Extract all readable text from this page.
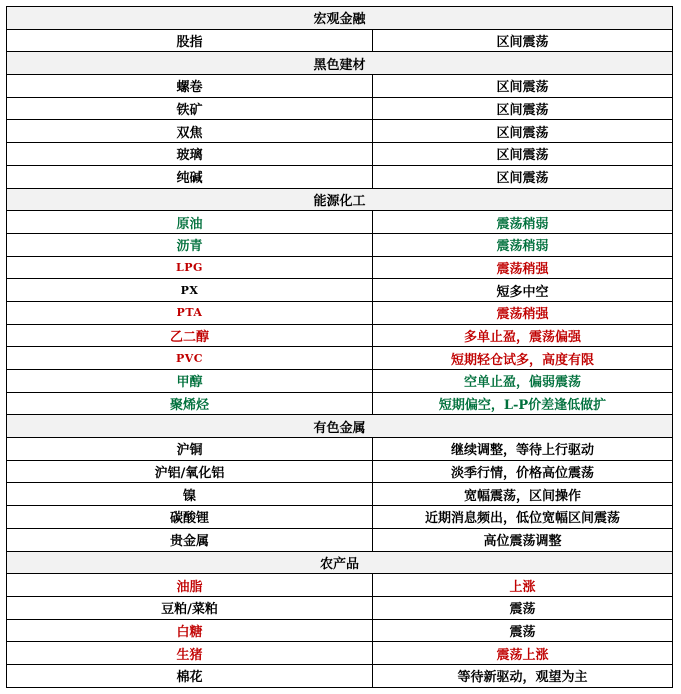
宏观金融	
股指	区间震荡
黑色建材	
螺卷	区间震荡
铁矿	区间震荡
双焦	区间震荡
玻璃	区间震荡
纯碱	区间震荡
能源化工	
原油	震荡稍弱
沥青	震荡稍弱
LPG	震荡稍强
PX	短多中空
PTA	震荡稍强
乙二醇	多单止盈，震荡偏强
PVC	短期轻仓试多，高度有限
甲醇	空单止盈，偏弱震荡
聚烯烃	短期偏空，L-P价差逢低做扩
有色金属	
沪铜	继续调整，等待上行驱动
沪铝/氧化铝	淡季行情，价格高位震荡
镍	宽幅震荡，区间操作
碳酸锂	近期消息频出，低位宽幅区间震荡
贵金属	高位震荡调整
农产品	
油脂	上涨
豆粕/菜粕	震荡
白糖	震荡
生猪	震荡上涨
棉花	等待新驱动，观望为主
